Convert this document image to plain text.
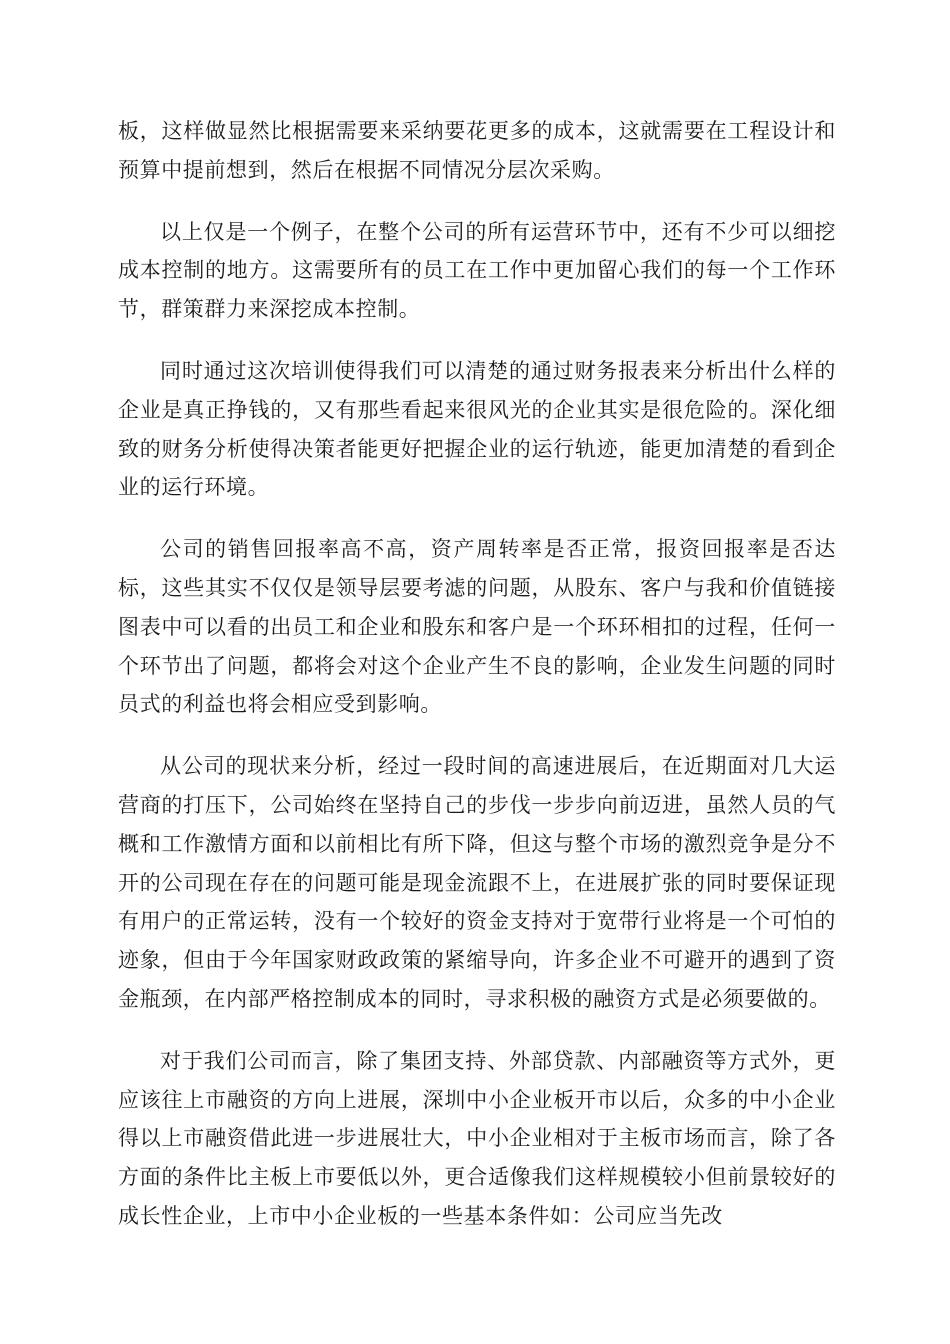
板，这样做显然比根据需要来采纳要花更多的成本，这就需要在工程设计和预算中提前想到，然后在根据不同情况分层次采购。

以上仅是一个例子，在整个公司的所有运营环节中，还有不少可以细挖成本控制的地方。这需要所有的员工在工作中更加留心我们的每一个工作环节，群策群力来深挖成本控制。

同时通过这次培训使得我们可以清楚的通过财务报表来分析出什么样的企业是真正挣钱的，又有那些看起来很风光的企业其实是很危险的。深化细致的财务分析使得决策者能更好把握企业的运行轨迹，能更加清楚的看到企业的运行环境。

公司的销售回报率高不高，资产周转率是否正常，报资回报率是否达标，这些其实不仅仅是领导层要考滤的问题，从股东、客户与我和价值链接图表中可以看的出员工和企业和股东和客户是一个环环相扣的过程，任何一个环节出了问题，都将会对这个企业产生不良的影响，企业发生问题的同时员式的利益也将会相应受到影响。

从公司的现状来分析，经过一段时间的高速进展后，在近期面对几大运营商的打压下，公司始终在坚持自己的步伐一步步向前迈进，虽然人员的气概和工作激情方面和以前相比有所下降，但这与整个市场的激烈竞争是分不开的公司现在存在的问题可能是现金流跟不上，在进展扩张的同时要保证现有用户的正常运转，没有一个较好的资金支持对于宽带行业将是一个可怕的迹象，但由于今年国家财政政策的紧缩导向，许多企业不可避开的遇到了资金瓶颈，在内部严格控制成本的同时，寻求积极的融资方式是必须要做的。

对于我们公司而言，除了集团支持、外部贷款、内部融资等方式外，更应该往上市融资的方向上进展，深圳中小企业板开市以后，众多的中小企业得以上市融资借此进一步进展壮大，中小企业相对于主板市场而言，除了各方面的条件比主板上市要低以外，更合适像我们这样规模较小但前景较好的成长性企业，上市中小企业板的一些基本条件如：公司应当先改
